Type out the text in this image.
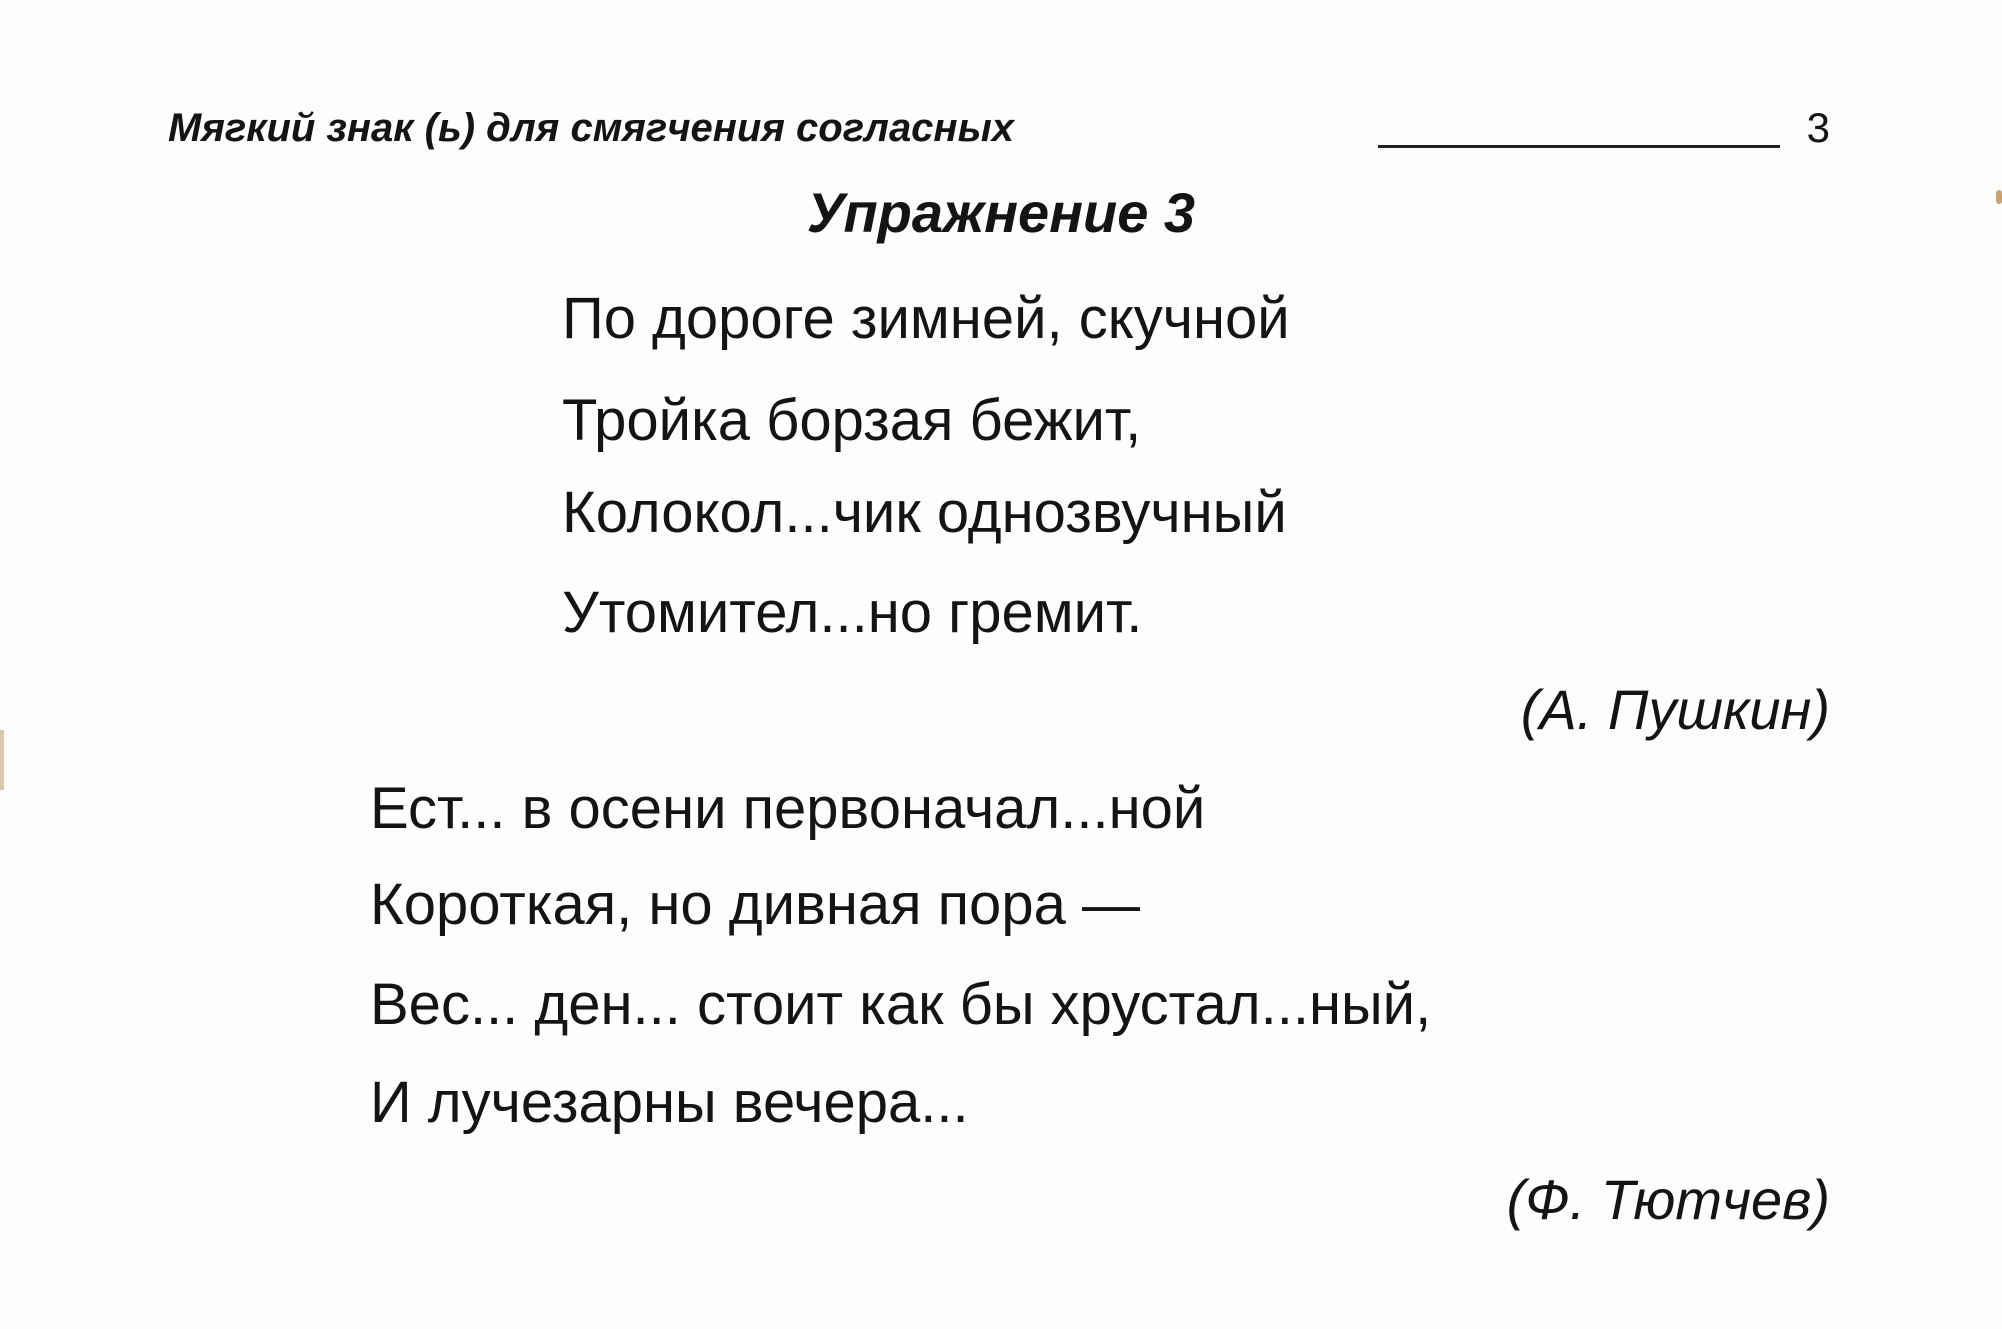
Мягкий знак (ь) для смягчения согласных	3
Упражнение 3
По дороге зимней, скучной
Тройка борзая бежит,
Колокол...чик однозвучный
Утомител...но гремит.
(А. Пушкин)
Ест... в осени первоначал...ной
Короткая, но дивная пора —
Вес... ден... стоит как бы хрустал...ный,
И лучезарны вечера...
(Ф. Тютчев)
